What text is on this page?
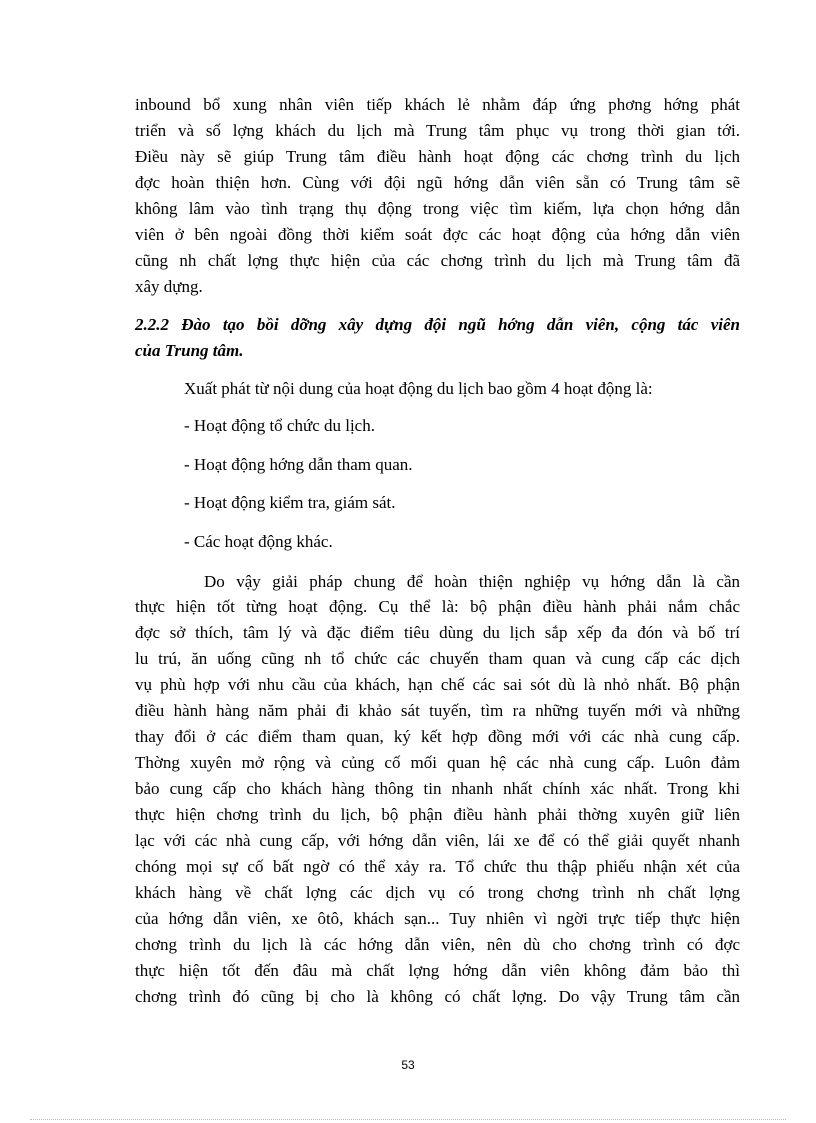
inbound bổ xung nhân viên tiếp khách lẻ nhằm đáp ứng phơng hớng phát
triển và số lợng khách du lịch mà Trung tâm phục vụ trong thời gian tới.
Điều này sẽ giúp Trung tâm điều hành hoạt động các chơng trình du lịch
đợc hoàn thiện hơn. Cùng với đội ngũ hớng dẫn viên sẵn có Trung tâm sẽ
không lâm vào tình trạng thụ động trong việc tìm kiếm, lựa chọn hớng dẫn
viên ở bên ngoài đồng thời kiểm soát đợc các hoạt động của hớng dẫn viên
cũng nh chất lợng thực hiện của các chơng trình du lịch mà Trung tâm đã
xây dựng.
2.2.2 Đào tạo bồi dỡng xây dựng đội ngũ hớng dẫn viên, cộng tác viên
của Trung tâm.
Xuất phát từ nội dung của hoạt động du lịch bao gồm 4 hoạt động là:
- Hoạt động tổ chức du lịch.
- Hoạt động hớng dẫn tham quan.
- Hoạt động kiểm tra, giám sát.
- Các hoạt động khác.
Do vậy giải pháp chung để hoàn thiện nghiệp vụ hớng dẫn là cần
thực hiện tốt từng hoạt động. Cụ thể là: bộ phận điều hành phải nắm chắc
đợc sở thích, tâm lý và đặc điểm tiêu dùng du lịch sắp xếp đa đón và bố trí
lu trú, ăn uống cũng nh tổ chức các chuyến tham quan và cung cấp các dịch
vụ phù hợp với nhu cầu của khách, hạn chế các sai sót dù là nhỏ nhất. Bộ phận
điều hành hàng năm phải đi khảo sát tuyến, tìm ra những tuyến mới và những
thay đổi ở các điểm tham quan, ký kết hợp đồng mới với các nhà cung cấp.
Thờng xuyên mở rộng và củng cố mối quan hệ các nhà cung cấp. Luôn đảm
bảo cung cấp cho khách hàng thông tin nhanh nhất chính xác nhất. Trong khi
thực hiện chơng trình du lịch, bộ phận điều hành phải thờng xuyên giữ liên
lạc với các nhà cung cấp, với hớng dẫn viên, lái xe để có thể giải quyết nhanh
chóng mọi sự cố bất ngờ có thể xảy ra. Tổ chức thu thập phiếu nhận xét của
khách hàng về chất lợng các dịch vụ có trong chơng trình nh chất lợng
của hớng dẫn viên, xe ôtô, khách sạn... Tuy nhiên vì ngời trực tiếp thực hiện
chơng trình du lịch là các hớng dẫn viên, nên dù cho chơng trình có đợc
thực hiện tốt đến đâu mà chất lợng hớng dẫn viên không đảm bảo thì
chơng trình đó cũng bị cho là không có chất lợng. Do vậy Trung tâm cần
53
